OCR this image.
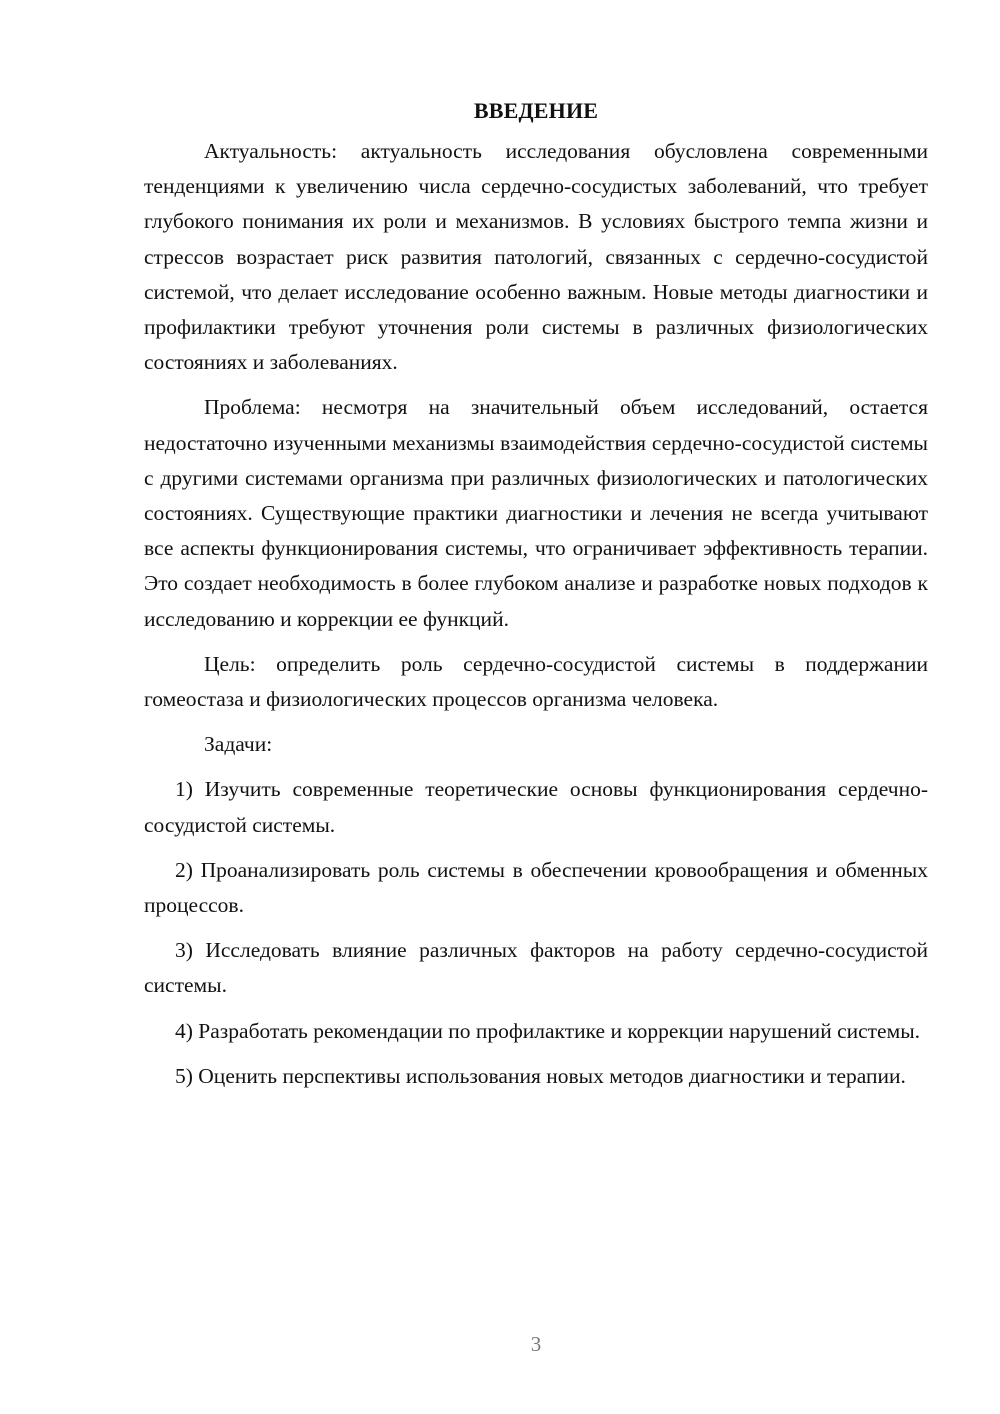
ВВЕДЕНИЕ

Актуальность: актуальность исследования обусловлена современными тенденциями к увеличению числа сердечно-сосудистых заболеваний, что требует глубокого понимания их роли и механизмов. В условиях быстрого темпа жизни и стрессов возрастает риск развития патологий, связанных с сердечно-сосудистой системой, что делает исследование особенно важным. Новые методы диагностики и профилактики требуют уточнения роли системы в различных физиологических состояниях и заболеваниях.

Проблема: несмотря на значительный объем исследований, остается недостаточно изученными механизмы взаимодействия сердечно-сосудистой системы с другими системами организма при различных физиологических и патологических состояниях. Существующие практики диагностики и лечения не всегда учитывают все аспекты функционирования системы, что ограничивает эффективность терапии. Это создает необходимость в более глубоком анализе и разработке новых подходов к исследованию и коррекции ее функций.

Цель: определить роль сердечно-сосудистой системы в поддержании гомеостаза и физиологических процессов организма человека.

Задачи:

1) Изучить современные теоретические основы функционирования сердечно-сосудистой системы.

2) Проанализировать роль системы в обеспечении кровообращения и обменных процессов.

3) Исследовать влияние различных факторов на работу сердечно-сосудистой системы.

4) Разработать рекомендации по профилактике и коррекции нарушений системы.

5) Оценить перспективы использования новых методов диагностики и терапии.

3
